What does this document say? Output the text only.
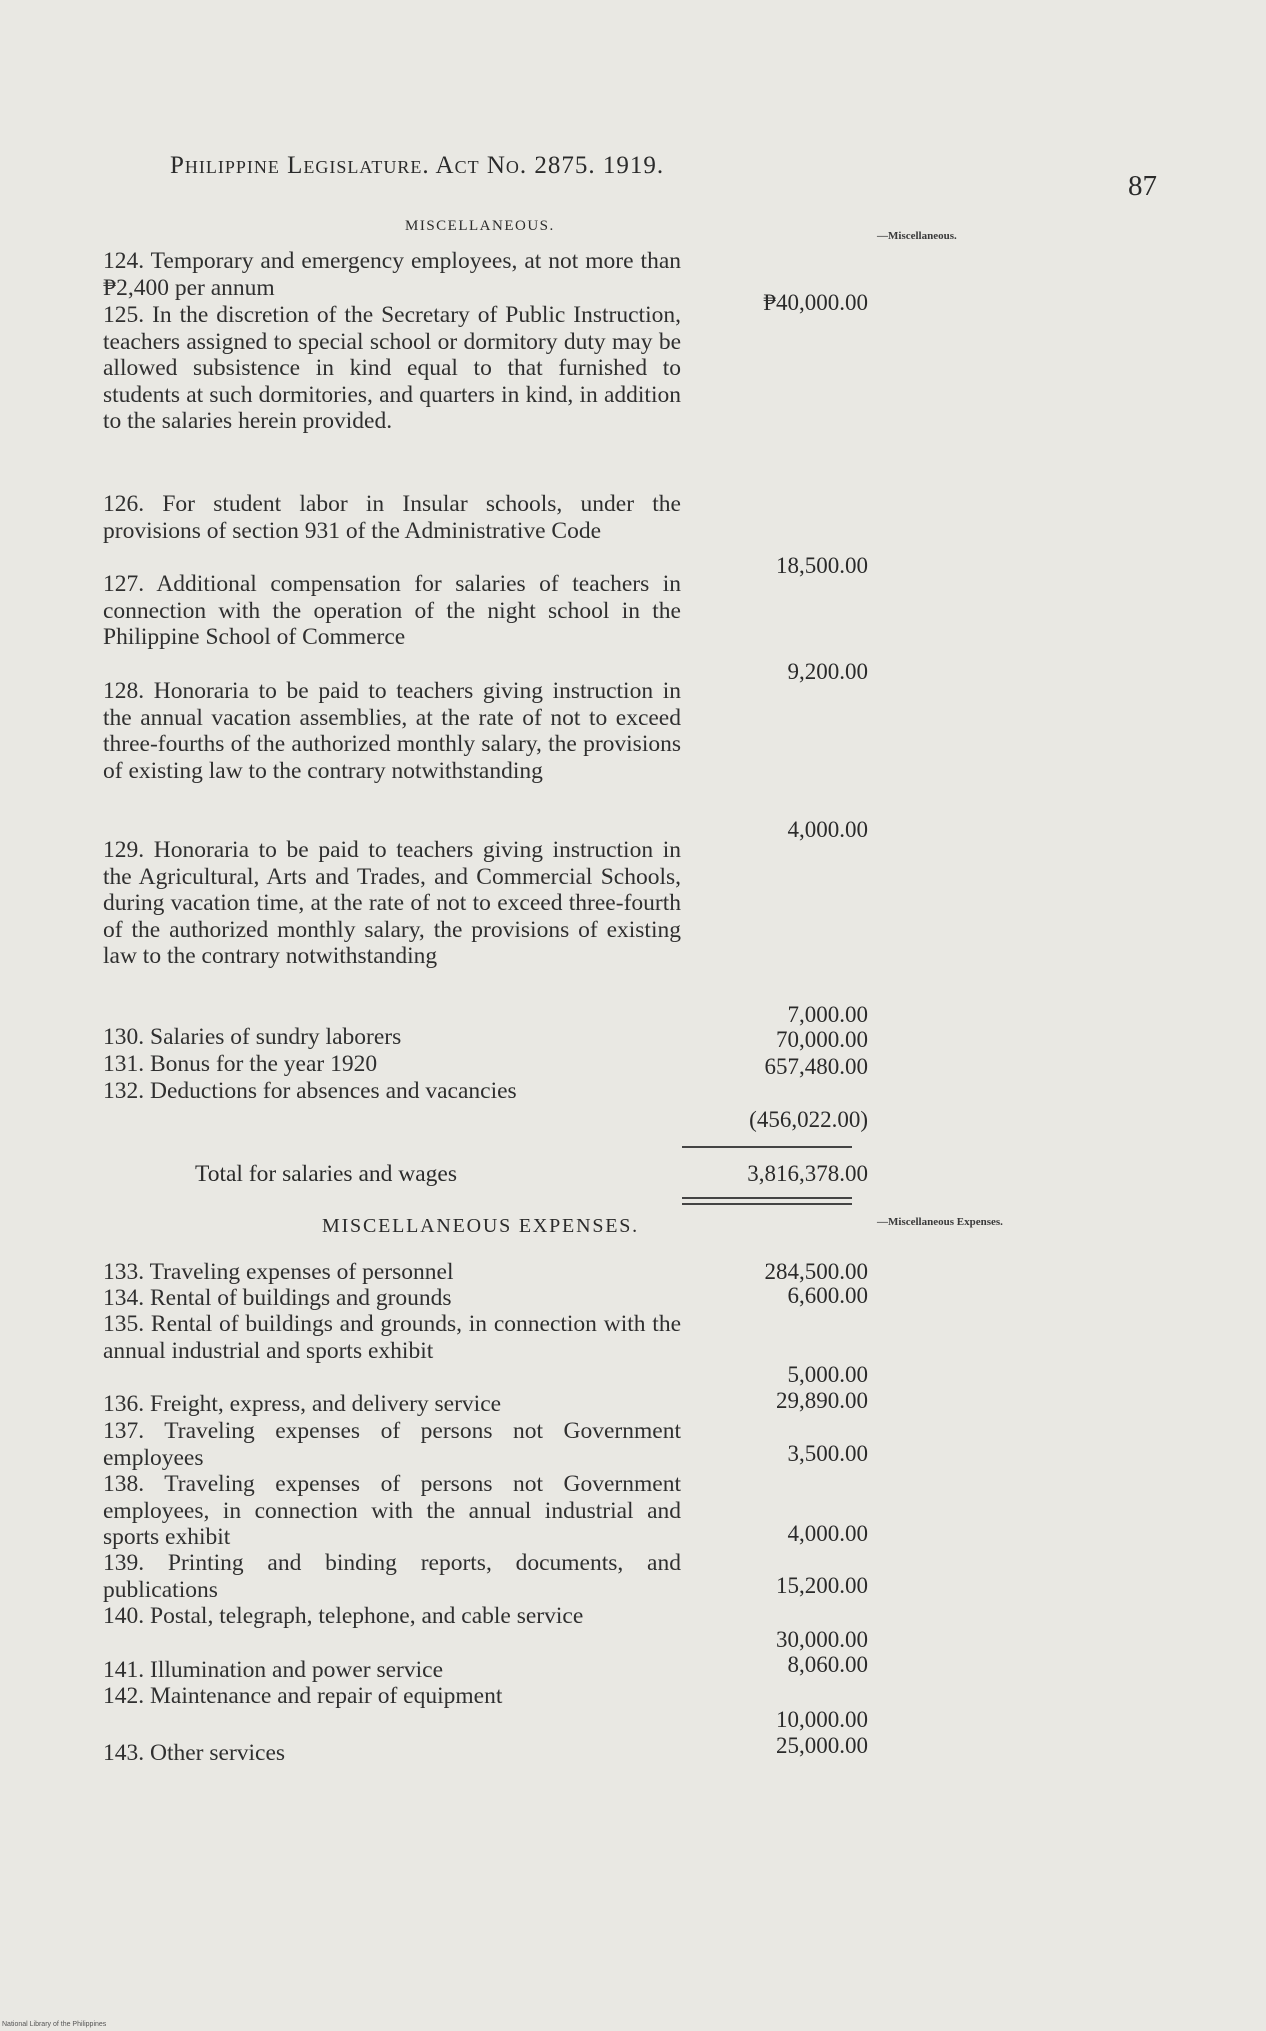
Philippine Legislature. Act No. 2875. 1919.
87
MISCELLANEOUS.
—Miscellaneous.
124. Temporary and emergency employees, at not more than ₱2,400 per annum
₱40,000.00
125. In the discretion of the Secretary of Public Instruction, teachers assigned to special school or dormitory duty may be allowed subsistence in kind equal to that furnished to students at such dormitories, and quarters in kind, in addition to the salaries herein provided.
126. For student labor in Insular schools, under the provisions of section 931 of the Administrative Code
18,500.00
127. Additional compensation for salaries of teachers in connection with the operation of the night school in the Philippine School of Commerce
9,200.00
128. Honoraria to be paid to teachers giving instruction in the annual vacation assemblies, at the rate of not to exceed three-fourths of the authorized monthly salary, the provisions of existing law to the contrary notwithstanding
4,000.00
129. Honoraria to be paid to teachers giving instruction in the Agricultural, Arts and Trades, and Commercial Schools, during vacation time, at the rate of not to exceed three-fourth of the authorized monthly salary, the provisions of existing law to the contrary notwithstanding
7,000.00
130. Salaries of sundry laborers	70,000.00
131. Bonus for the year 1920	657,480.00
132. Deductions for absences and vacancies
(456,022.00)
Total for salaries and wages	3,816,378.00
MISCELLANEOUS EXPENSES.	—Miscellaneous Expenses.
133. Traveling expenses of personnel	284,500.00
134. Rental of buildings and grounds	6,600.00
135. Rental of buildings and grounds, in connection with the annual industrial and sports exhibit
5,000.00
136. Freight, express, and delivery service	29,890.00
137. Traveling expenses of persons not Government employees	3,500.00
138. Traveling expenses of persons not Government employees, in connection with the annual industrial and sports exhibit	4,000.00
139. Printing and binding reports, documents, and publications	15,200.00
140. Postal, telegraph, telephone, and cable service
30,000.00
141. Illumination and power service	8,060.00
142. Maintenance and repair of equipment
10,000.00
143. Other services	25,000.00
National Library of the Philippines
